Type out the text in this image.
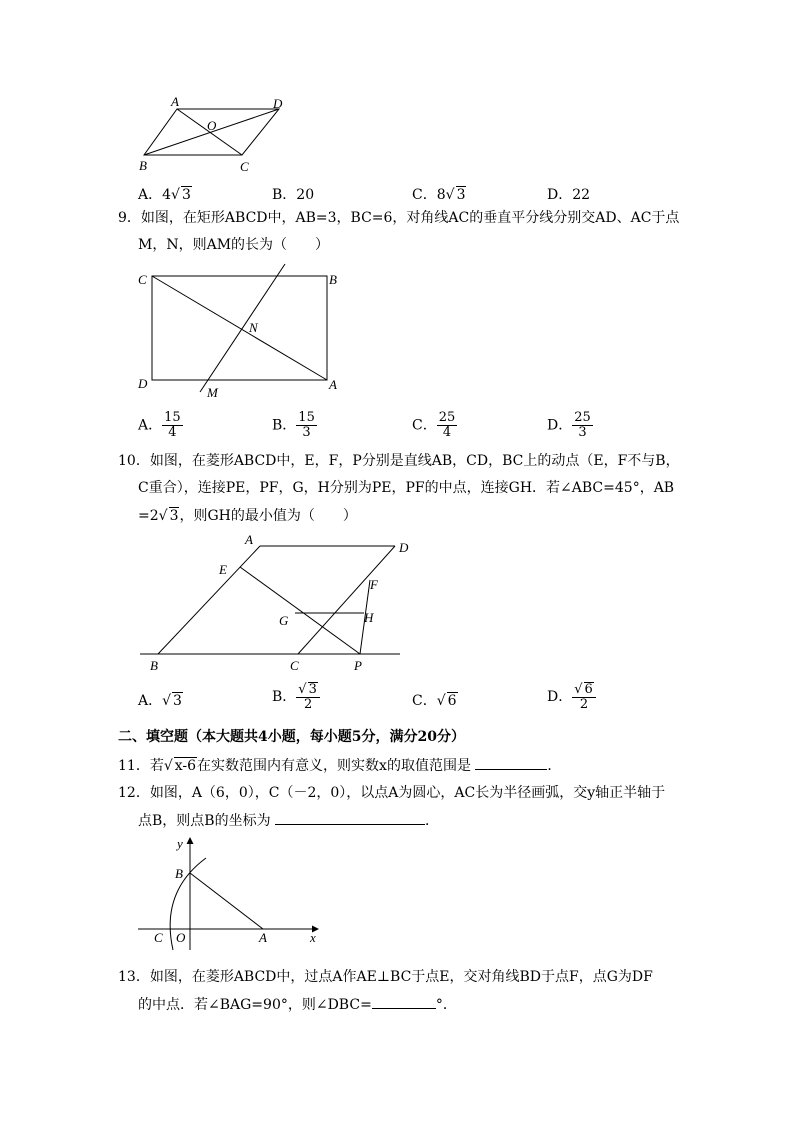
A	D
O
B	C
A．4√ 3	B．20	C．8√ 3	D．22
9．如图，在矩形ABCD中，AB=3，BC=6，对角线AC的垂直平分线分别交AD、AC于点
M，N，则AM的长为（　　）
C	B
N
D
M
A
A． $\frac{15}{4}$	B． $\frac{15}{3}$	C． $\frac{25}{4}$	D． $\frac{25}{3}$
10．如图，在菱形ABCD中，E，F，P分别是直线AB，CD，BC上的动点（E，F不与B，
C重合），连接PE，PF，G，H分别为PE，PF的中点，连接GH．若∠ABC=45°，AB
=2√ 3，则GH的最小值为（　　）
A
D
E
F
G	H
B	C	P
A．√ 3	B． $\frac{√ 3}{2}$	C．√ 6	D． $\frac{√ 6}{2}$
二、填空题（本大题共4小题，每小题5分，满分20分）
11．若√ x-6在实数范围内有意义，则实数x的取值范围是	．
12．如图，A（6，0），C（－2，0），以点A为圆心，AC长为半径画弧，交y轴正半轴于
点B，则点B的坐标为	．
y
B
C O	A	x
13．如图，在菱形ABCD中，过点A作AE⊥BC于点E，交对角线BD于点F，点G为DF
的中点．若∠BAG=90°，则∠DBC=	°．
